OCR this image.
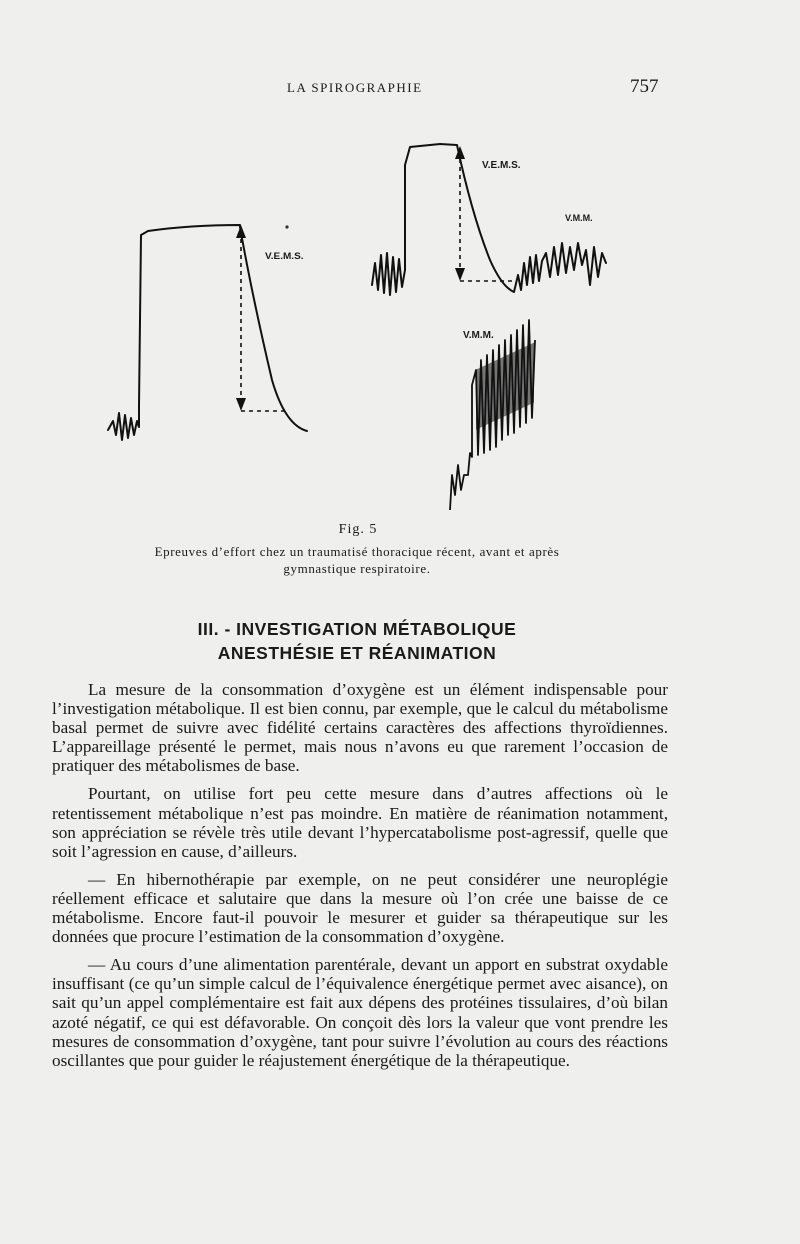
LA SPIROGRAPHIE	757
V.E.M.S.
V.E.M.S.
V.M.M.
V.M.M.
Fig. 5
Epreuves d’effort chez un traumatisé thoracique récent, avant et après gymnastique respiratoire.
III. - INVESTIGATION MÉTABOLIQUE
ANESTHÉSIE ET RÉANIMATION

La mesure de la consommation d’oxygène est un élément indispensable pour l’investigation métabolique. Il est bien connu, par exemple, que le calcul du métabolisme basal permet de suivre avec fidélité certains caractères des affections thyroïdiennes. L’appareillage présenté le permet, mais nous n’avons eu que rarement l’occasion de pratiquer des métabolismes de base.

Pourtant, on utilise fort peu cette mesure dans d’autres affections où le retentissement métabolique n’est pas moindre. En matière de réanimation notamment, son appréciation se révèle très utile devant l’hypercatabolisme post-agressif, quelle que soit l’agression en cause, d’ailleurs.

— En hibernothérapie par exemple, on ne peut considérer une neuroplégie réellement efficace et salutaire que dans la mesure où l’on crée une baisse de ce métabolisme. Encore faut-il pouvoir le mesurer et guider sa thérapeutique sur les données que procure l’estimation de la consommation d’oxygène.

— Au cours d’une alimentation parentérale, devant un apport en substrat oxydable insuffisant (ce qu’un simple calcul de l’équivalence énergétique permet avec aisance), on sait qu’un appel complémentaire est fait aux dépens des protéines tissulaires, d’où bilan azoté négatif, ce qui est défavorable. On conçoit dès lors la valeur que vont prendre les mesures de consommation d’oxygène, tant pour suivre l’évolution au cours des réactions oscillantes que pour guider le réajustement énergétique de la thérapeutique.
